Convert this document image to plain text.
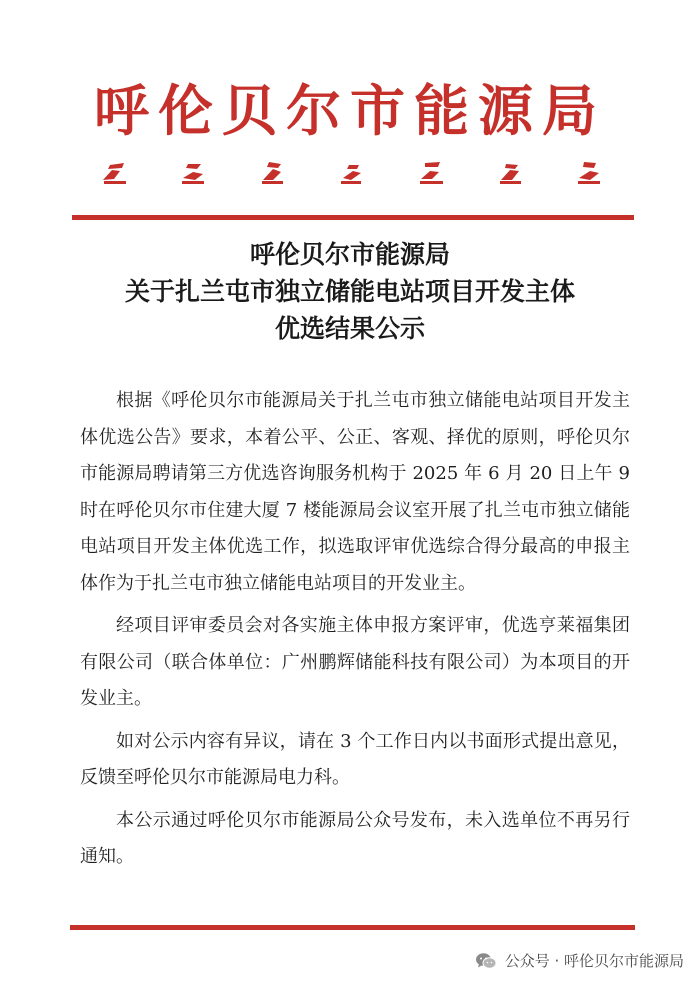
呼伦贝尔市能源局
呼伦贝尔市能源局
关于扎兰屯市独立储能电站项目开发主体
优选结果公示

根据《呼伦贝尔市能源局关于扎兰屯市独立储能电站项目开发主体优选公告》要求，本着公平、公正、客观、择优的原则，呼伦贝尔市能源局聘请第三方优选咨询服务机构于 2025 年 6 月 20 日上午 9 时在呼伦贝尔市住建大厦 7 楼能源局会议室开展了扎兰屯市独立储能电站项目开发主体优选工作，拟选取评审优选综合得分最高的申报主体作为于扎兰屯市独立储能电站项目的开发业主。

经项目评审委员会对各实施主体申报方案评审，优选亨莱福集团有限公司（联合体单位：广州鹏辉储能科技有限公司）为本项目的开发业主。

如对公示内容有异议，请在 3 个工作日内以书面形式提出意见，反馈至呼伦贝尔市能源局电力科。

本公示通过呼伦贝尔市能源局公众号发布，未入选单位不再另行通知。

公众号 · 呼伦贝尔市能源局
